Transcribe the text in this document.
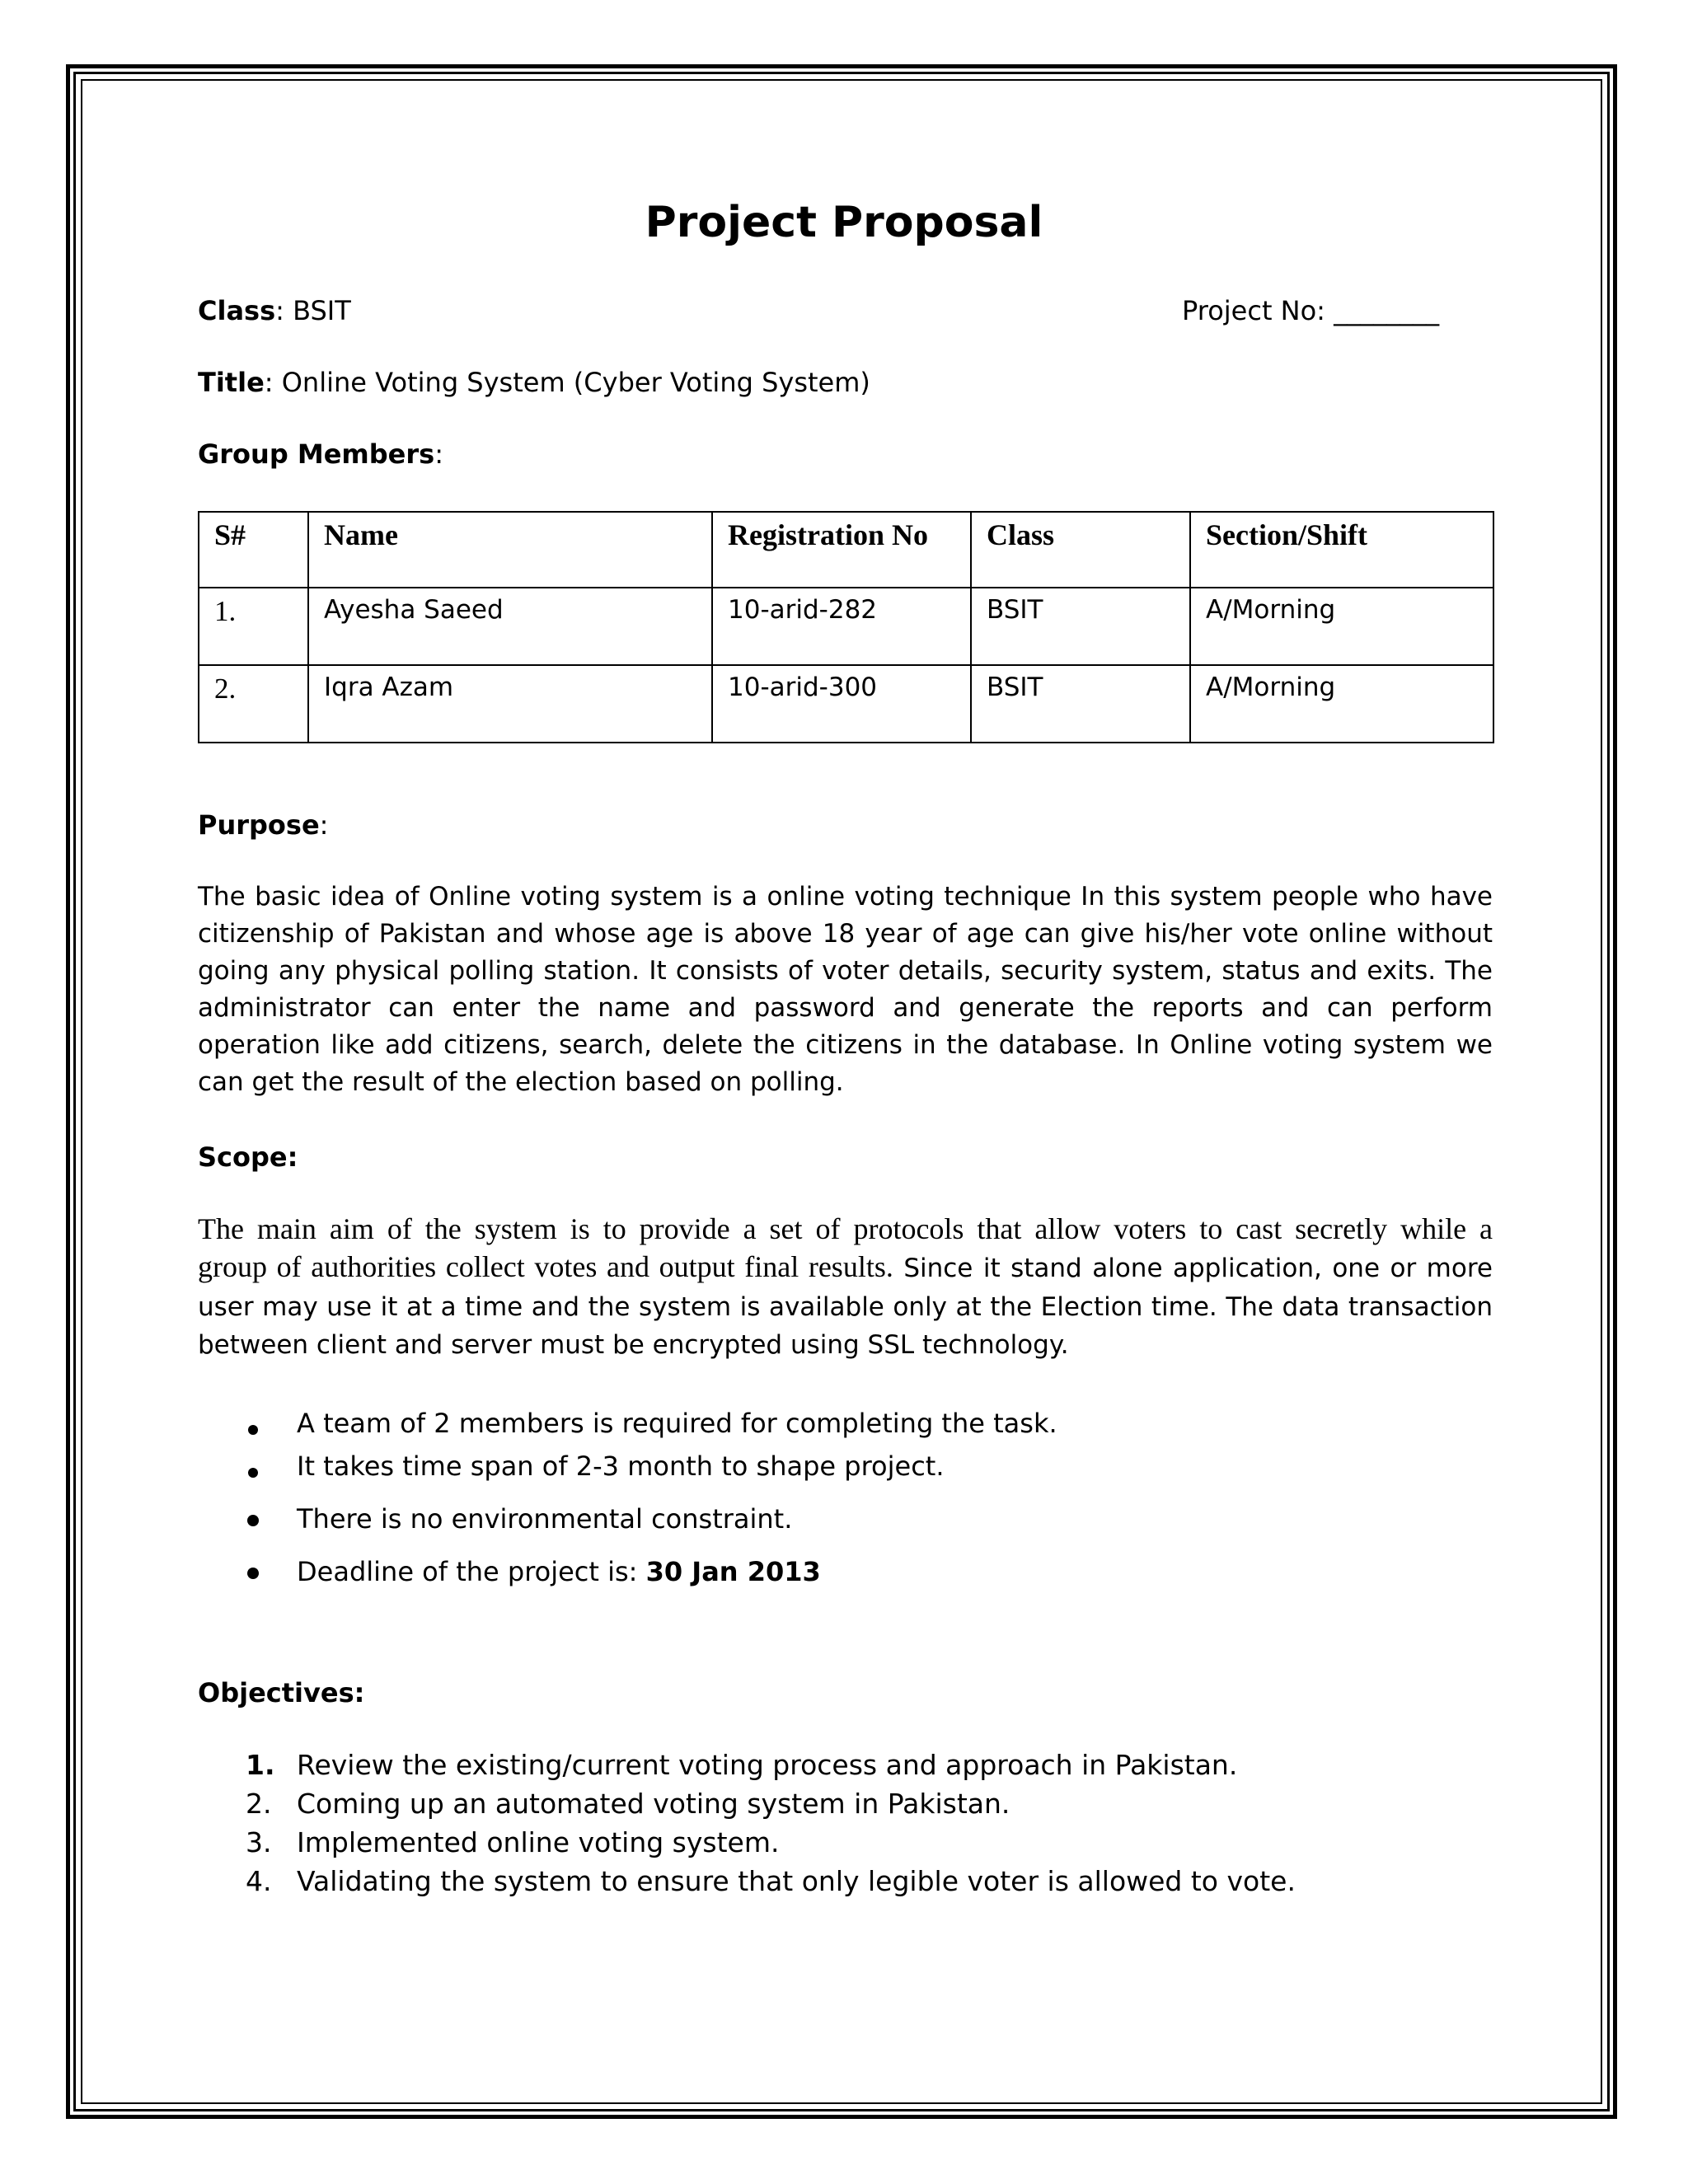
Project Proposal
Class: BSIT	Project No: ________
Title: Online Voting System (Cyber Voting System)
Group Members:
S#	Name	Registration No	Class	Section/Shift
1.	Ayesha Saeed	10-arid-282	BSIT	A/Morning
2.	Iqra Azam	10-arid-300	BSIT	A/Morning
Purpose:
The basic idea of Online voting system is a online voting technique In this system people who have citizenship of Pakistan and whose age is above 18 year of age can give his/her vote online without going any physical polling station. It consists of voter details, security system, status and exits. The administrator can enter the name and password and generate the reports and can perform operation like add citizens, search, delete the citizens in the database. In Online voting system we can get the result of the election based on polling.
Scope:
The main aim of the system is to provide a set of protocols that allow voters to cast secretly while a
group of authorities collect votes and output final results. Since it stand alone application, one or more
user may use it at a time and the system is available only at the Election time. The data transaction
between client and server must be encrypted using SSL technology.
A team of 2 members is required for completing the task.
It takes time span of 2-3 month to shape project.
There is no environmental constraint.
Deadline of the project is: 30 Jan 2013
Objectives:
1. Review the existing/current voting process and approach in Pakistan.
2. Coming up an automated voting system in Pakistan.
3. Implemented online voting system.
4. Validating the system to ensure that only legible voter is allowed to vote.
